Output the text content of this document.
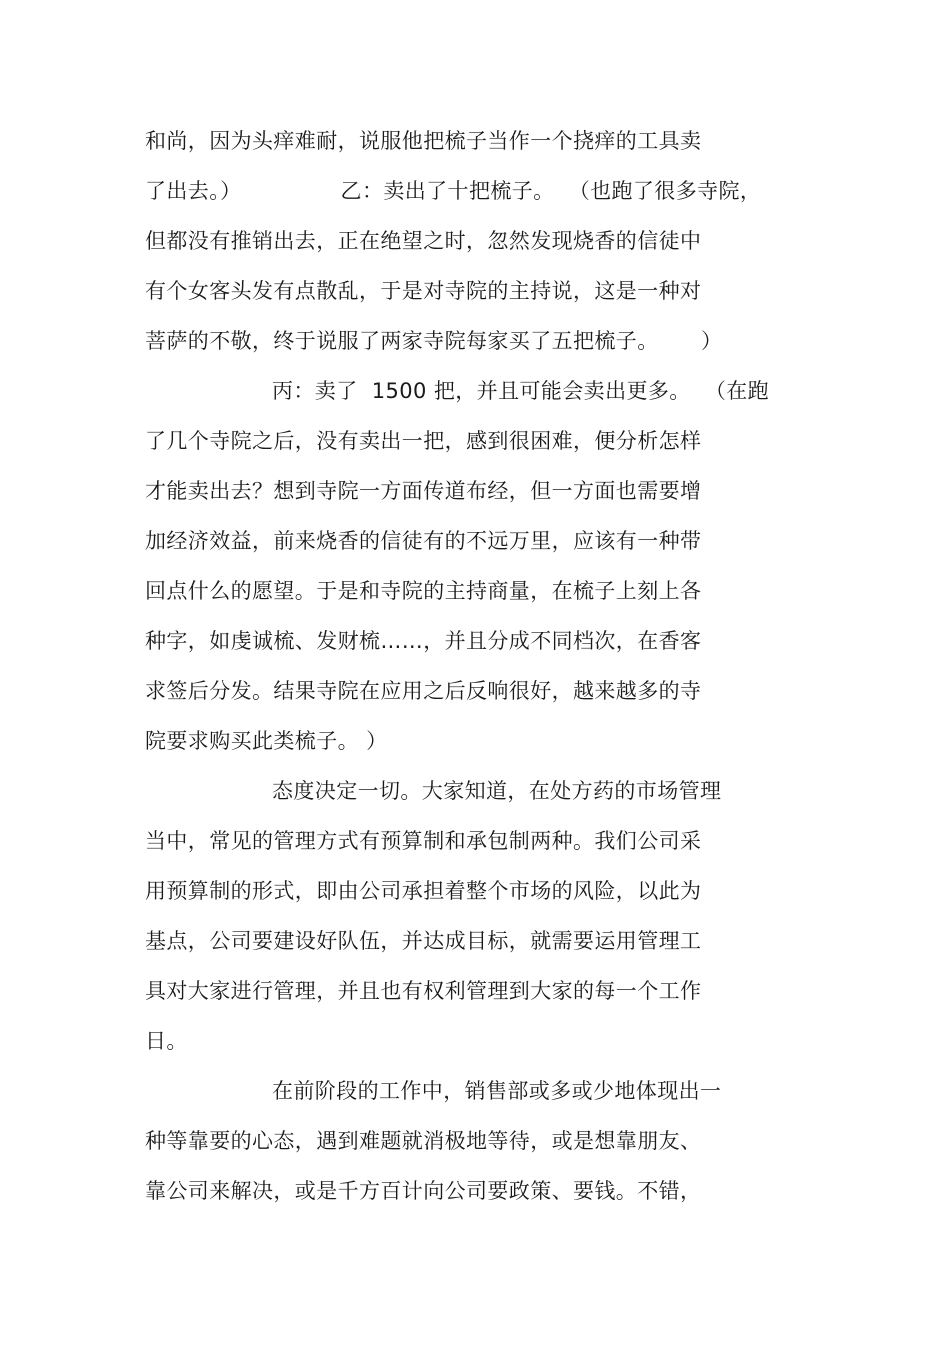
和尚，因为头痒难耐，说服他把梳子当作一个挠痒的工具卖
了出去。）              乙：卖出了十把梳子。  （也跑了很多寺院，
但都没有推销出去，正在绝望之时，忽然发现烧香的信徒中
有个女客头发有点散乱，于是对寺院的主持说，这是一种对
菩萨的不敬，终于说服了两家寺院每家买了五把梳子。      ）
丙：卖了  1500 把，并且可能会卖出更多。  （在跑
了几个寺院之后，没有卖出一把，感到很困难，便分析怎样
才能卖出去？想到寺院一方面传道布经，但一方面也需要增
加经济效益，前来烧香的信徒有的不远万里，应该有一种带
回点什么的愿望。于是和寺院的主持商量，在梳子上刻上各
种字，如虔诚梳、发财梳……，并且分成不同档次，在香客
求签后分发。结果寺院在应用之后反响很好，越来越多的寺
院要求购买此类梳子。 ）
态度决定一切。大家知道，在处方药的市场管理
当中，常见的管理方式有预算制和承包制两种。我们公司采
用预算制的形式，即由公司承担着整个市场的风险，以此为
基点，公司要建设好队伍，并达成目标，就需要运用管理工
具对大家进行管理，并且也有权利管理到大家的每一个工作
日。
在前阶段的工作中，销售部或多或少地体现出一
种等靠要的心态，遇到难题就消极地等待，或是想靠朋友、
靠公司来解决，或是千方百计向公司要政策、要钱。不错，
